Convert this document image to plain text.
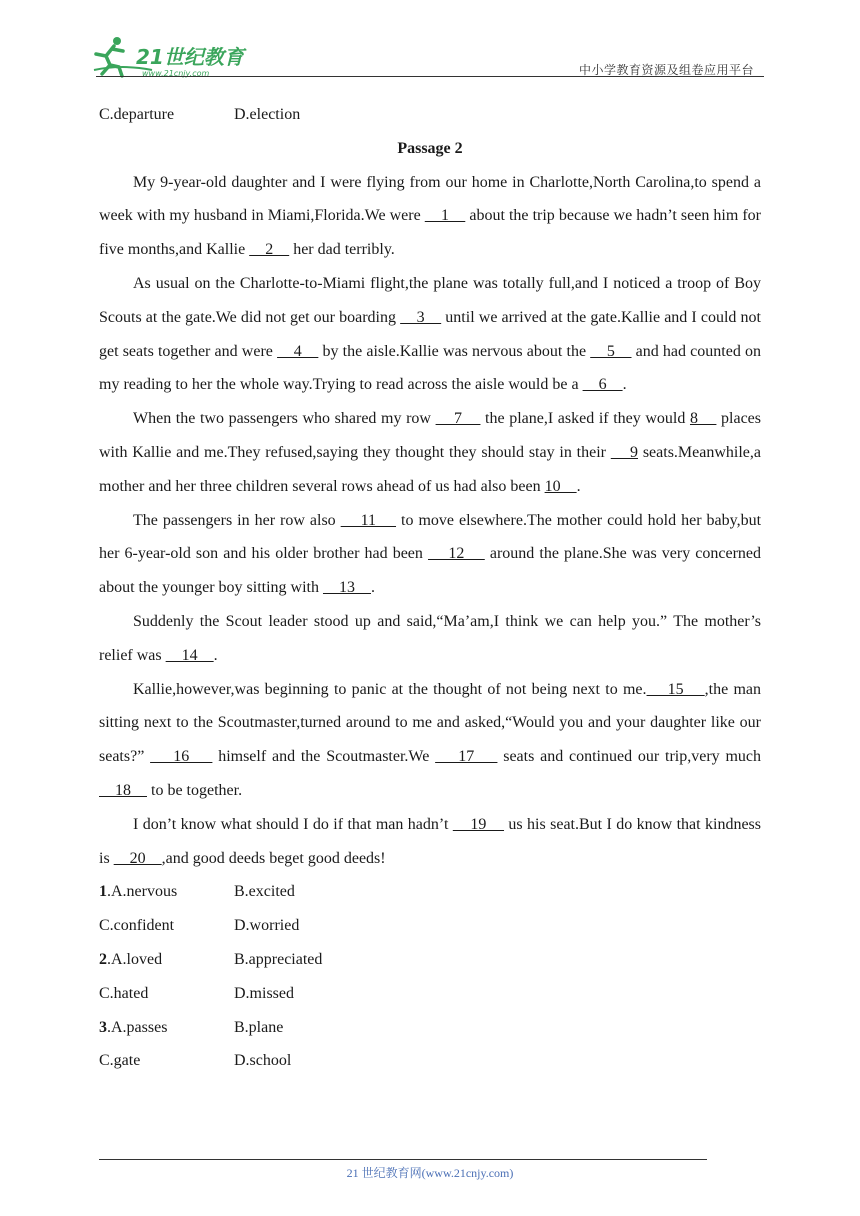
21世纪教育
www.21cnjy.com	中小学教育资源及组卷应用平台
C.departure	D.election
Passage 2

My 9-year-old daughter and I were flying from our home in Charlotte,North Carolina,to spend a week with my husband in Miami,Florida.We were     1     about the trip because we hadn’t seen him for five months,and Kallie     2     her dad terribly.

As usual on the Charlotte-to-Miami flight,the plane was totally full,and I noticed a troop of Boy Scouts at the gate.We did not get our boarding     3     until we arrived at the gate.Kallie and I could not get seats together and were     4     by the aisle.Kallie was nervous about the     5     and had counted on my reading to her the whole way.Trying to read across the aisle would be a     6    .

When the two passengers who shared my row     7     the plane,I asked if they would 8     places with Kallie and me.They refused,saying they thought they should stay in their     9 seats.Meanwhile,a mother and her three children several rows ahead of us had also been 10    .

The passengers in her row also     11     to move elsewhere.The mother could hold her baby,but her 6-year-old son and his older brother had been     12     around the plane.She was very concerned about the younger boy sitting with     13    .

Suddenly the Scout leader stood up and said,“Ma’am,I think we can help you.” The mother’s relief was     14    .

Kallie,however,was beginning to panic at the thought of not being next to me.    15    ,the man sitting next to the Scoutmaster,turned around to me and asked,“Would you and your daughter like our seats?”     16     himself and the Scoutmaster.We     17     seats and continued our trip,very much     18     to be together.

I don’t know what should I do if that man hadn’t     19     us his seat.But I do know that kindness is     20    ,and good deeds beget good deeds!

1.A.nervous	B.excited
C.confident	D.worried
2.A.loved	B.appreciated
C.hated	D.missed
3.A.passes	B.plane
C.gate	D.school
21 世纪教育网(www.21cnjy.com)
